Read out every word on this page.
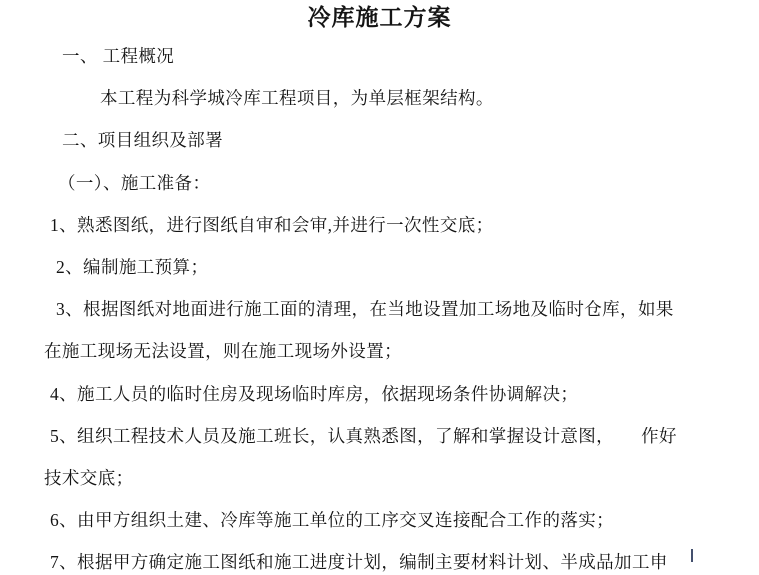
冷库施工方案
一、 工程概况
本工程为科学城冷库工程项目，为单层框架结构。
二、项目组织及部署
（一）、施工准备：
1、熟悉图纸，进行图纸自审和会审,并进行一次性交底；
2、编制施工预算；
3、根据图纸对地面进行施工面的清理，在当地设置加工场地及临时仓库，如果
在施工现场无法设置，则在施工现场外设置；
4、施工人员的临时住房及现场临时库房，依据现场条件协调解决；
5、组织工程技术人员及施工班长，认真熟悉图，了解和掌握设计意图，　　作好
技术交底；
6、由甲方组织土建、冷库等施工单位的工序交叉连接配合工作的落实；
7、根据甲方确定施工图纸和施工进度计划，编制主要材料计划、半成品加工申
